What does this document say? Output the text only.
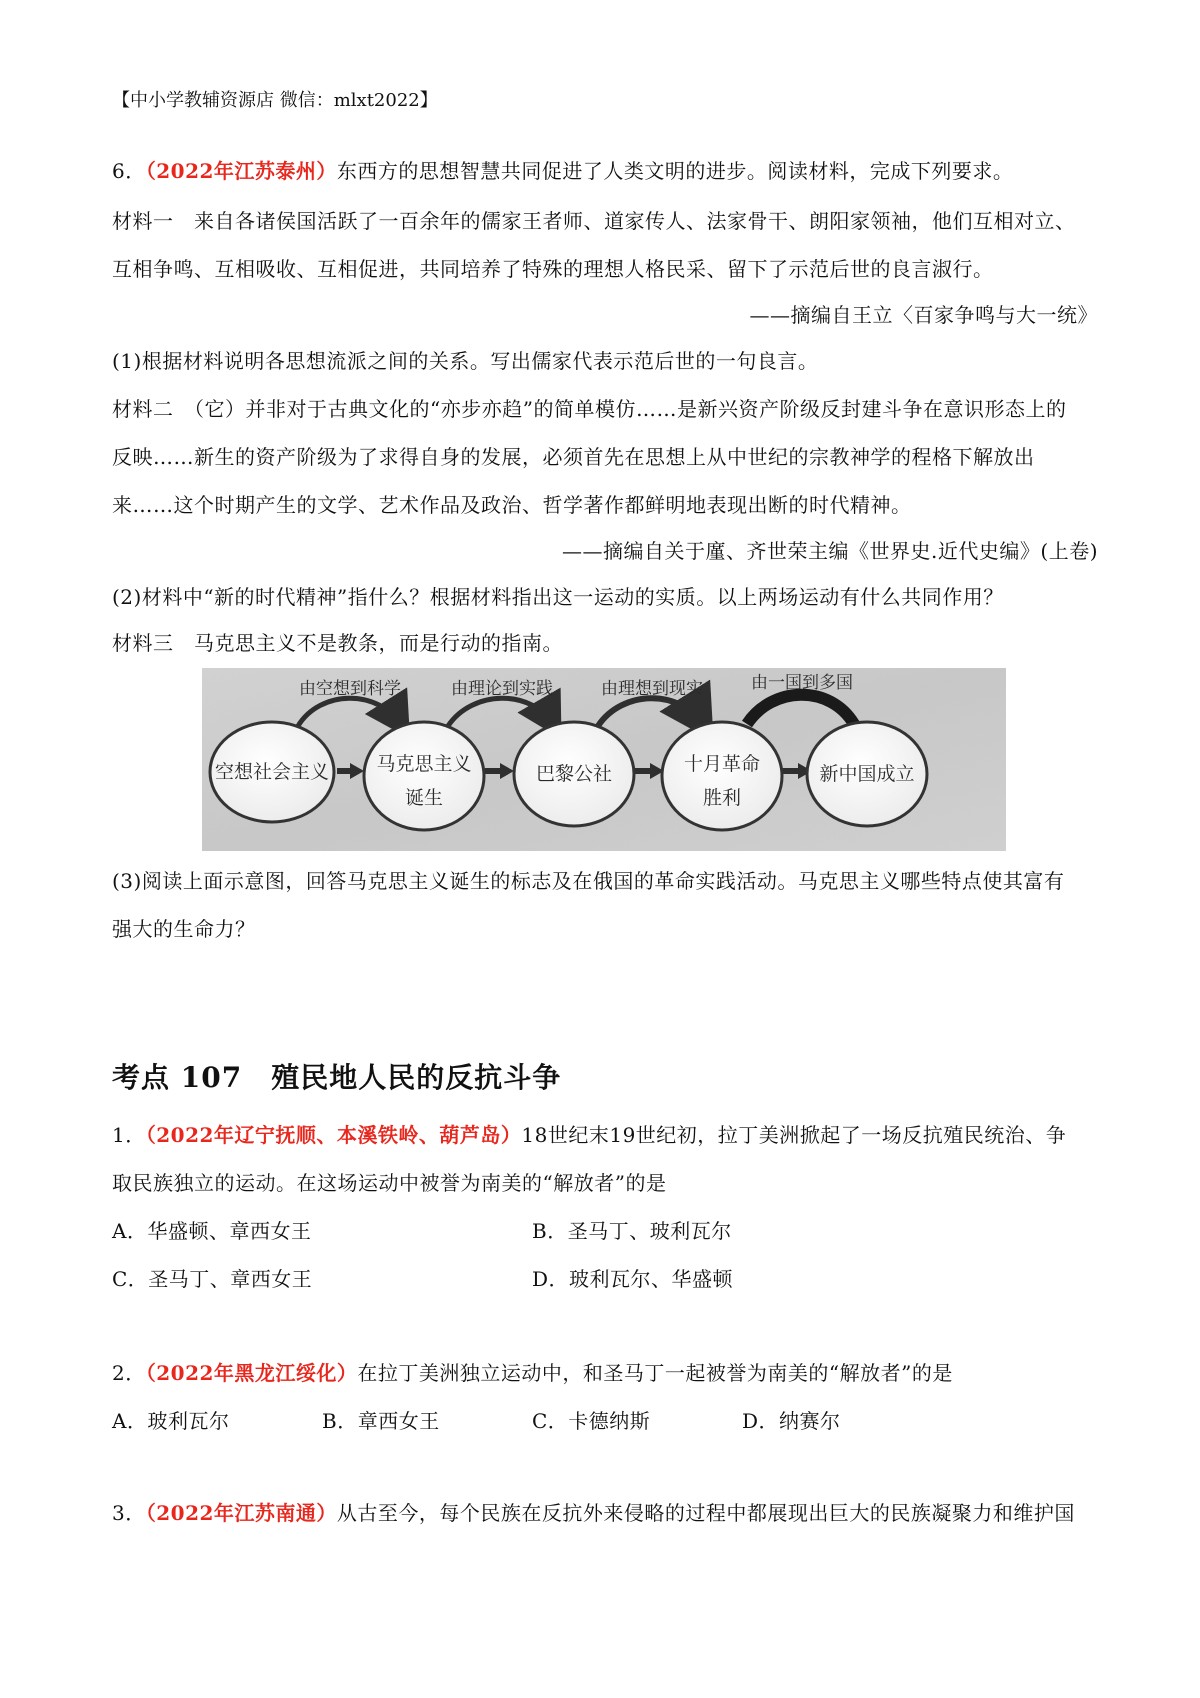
【中小学教辅资源店 微信：mlxt2022】
6．（2022年江苏泰州）东西方的思想智慧共同促进了人类文明的进步。阅读材料，完成下列要求。
材料一　来自各诸侯国活跃了一百余年的儒家王者师、道家传人、法家骨干、朗阳家领袖，他们互相对立、
互相争鸣、互相吸收、互相促进，共同培养了特殊的理想人格民采、留下了示范后世的良言淑行。
——摘编自王立〈百家争鸣与大一统》
(1)根据材料说明各思想流派之间的关系。写出儒家代表示范后世的一句良言。
材料二　（它）并非对于古典文化的“亦步亦趋”的简单模仿……是新兴资产阶级反封建斗争在意识形态上的
反映……新生的资产阶级为了求得自身的发展，必须首先在思想上从中世纪的宗教神学的程格下解放出
来……这个时期产生的文学、艺术作品及政治、哲学著作都鲜明地表现出断的时代精神。
——摘编自关于廑、齐世荣主编《世界史.近代史编》(上卷)
(2)材料中“新的时代精神”指什么？根据材料指出这一运动的实质。以上两场运动有什么共同作用？
材料三　马克思主义不是教条，而是行动的指南。
由空想到科学	由理论到实践	由理想到现实	由一国到多国
空想社会主义 马克思主义
诞生
巴黎公社	十月革命
胜利
新中国成立
(3)阅读上面示意图，回答马克思主义诞生的标志及在俄国的革命实践活动。马克思主义哪些特点使其富有
强大的生命力？
考点 107　殖民地人民的反抗斗争
1．（2022年辽宁抚顺、本溪铁岭、葫芦岛）18世纪末19世纪初，拉丁美洲掀起了一场反抗殖民统治、争
取民族独立的运动。在这场运动中被誉为南美的“解放者”的是
A．华盛顿、章西女王	B．圣马丁、玻利瓦尔
C．圣马丁、章西女王	D．玻利瓦尔、华盛顿
2．（2022年黑龙江绥化）在拉丁美洲独立运动中，和圣马丁一起被誉为南美的“解放者”的是
A．玻利瓦尔	B．章西女王	C．卡德纳斯	D．纳赛尔
3．（2022年江苏南通）从古至今，每个民族在反抗外来侵略的过程中都展现出巨大的民族凝聚力和维护国
